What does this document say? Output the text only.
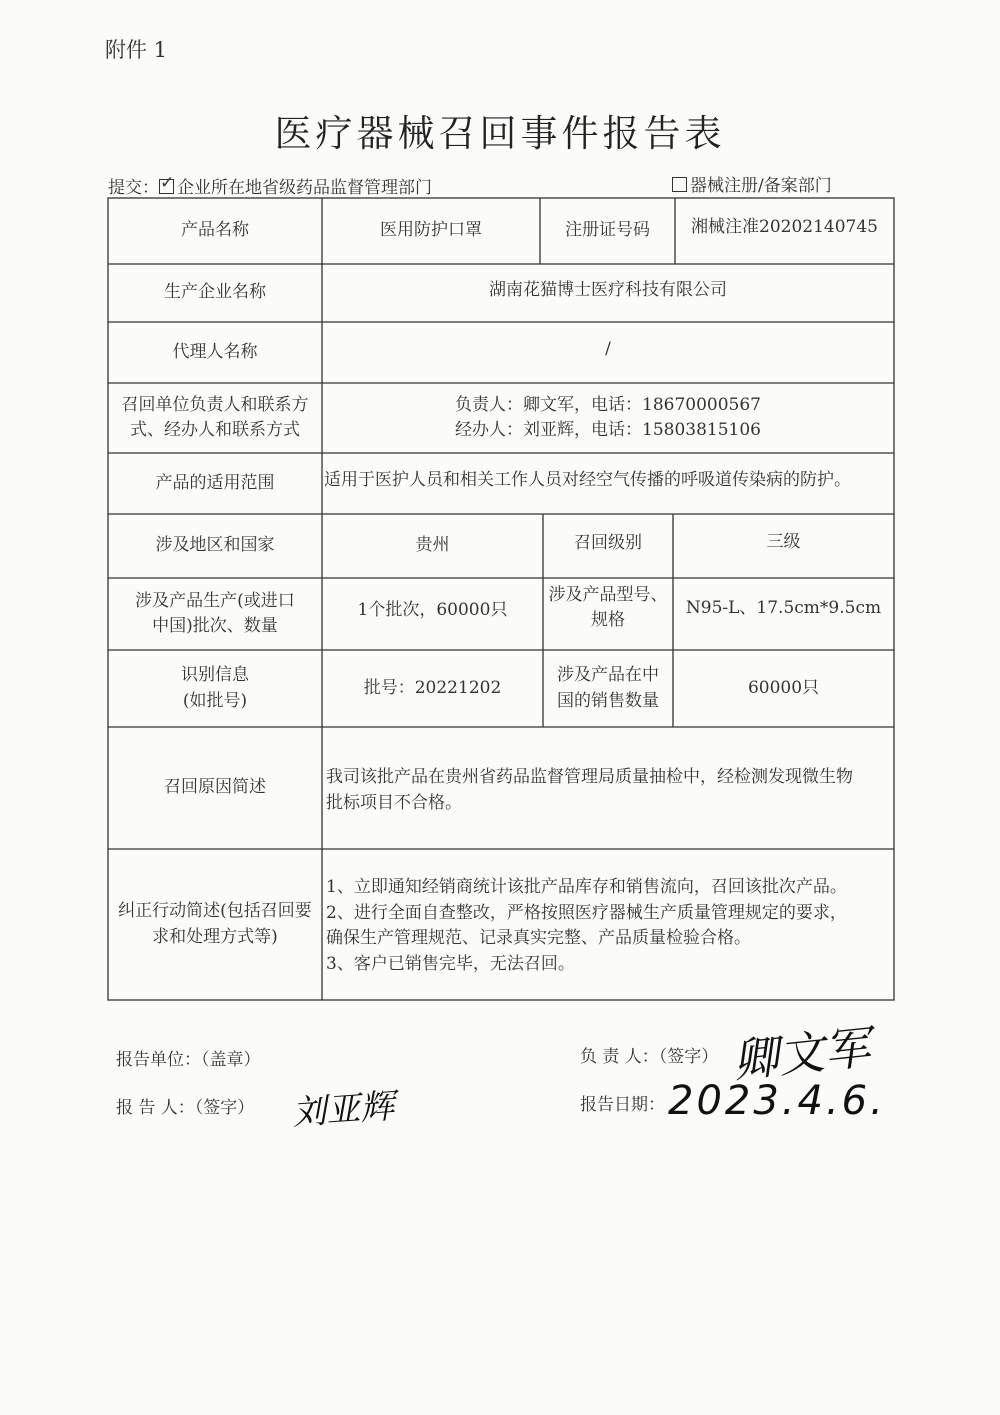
附件 1
医疗器械召回事件报告表
提交：✓ 企业所在地省级药品监督管理部门	器械注册/备案部门
产品名称	医用防护口罩	注册证号码	湘械注准20202140745
生产企业名称	湖南花猫博士医疗科技有限公司
代理人名称	/
召回单位负责人和联系方
式、经办人和联系方式
负责人：卿文军，电话：18670000567
经办人：刘亚辉，电话：15803815106
产品的适用范围	适用于医护人员和相关工作人员对经空气传播的呼吸道传染病的防护。
涉及地区和国家	贵州	召回级别	三级
涉及产品生产(或进口
中国)批次、数量
1个批次，60000只
涉及产品型号、
规格
N95-L、17.5cm*9.5cm
识别信息
(如批号)
批号：20221202
涉及产品在中
国的销售数量
60000只
召回原因简述
我司该批产品在贵州省药品监督管理局质量抽检中，经检测发现微生物
批标项目不合格。
纠正行动简述(包括召回要
求和处理方式等)
1、立即通知经销商统计该批产品库存和销售流向，召回该批次产品。
2、进行全面自查整改，严格按照医疗器械生产质量管理规定的要求，
确保生产管理规范、记录真实完整、产品质量检验合格。
3、客户已销售完毕，无法召回。
报告单位：（盖章）
报 告 人：（签字） 刘亚辉
负 责 人：（签字） 卿文军
报告日期： 2023.4.6.
